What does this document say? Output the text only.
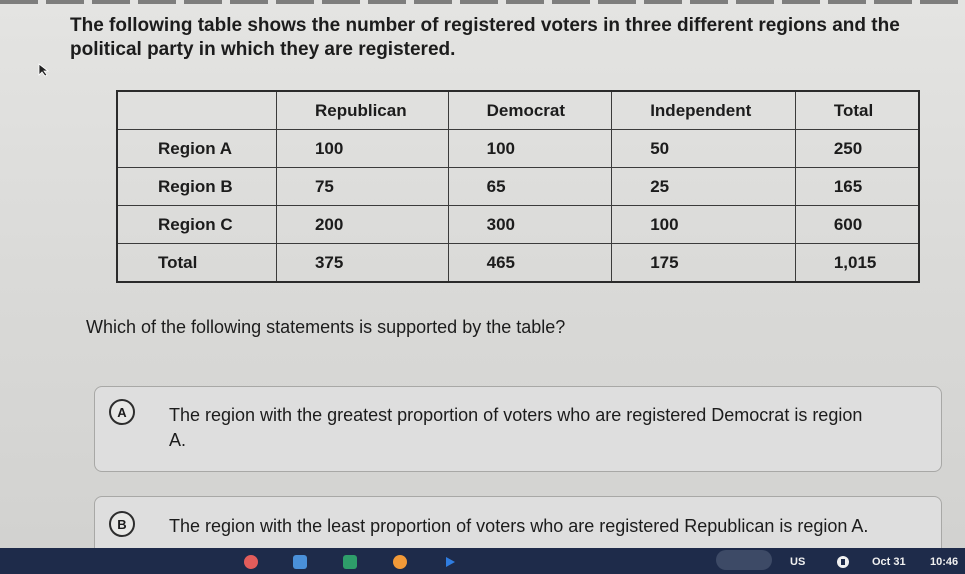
The following table shows the number of registered voters in three different regions and the political party in which they are registered.
	Republican	Democrat	Independent	Total
Region A	100	100	50	250
Region B	75	65	25	165
Region C	200	300	100	600
Total	375	465	175	1,015
Which of the following statements is supported by the table?
A	The region with the greatest proportion of voters who are registered Democrat is region A.
B	The region with the least proportion of voters who are registered Republican is region A.
US	Oct 31 10:46
